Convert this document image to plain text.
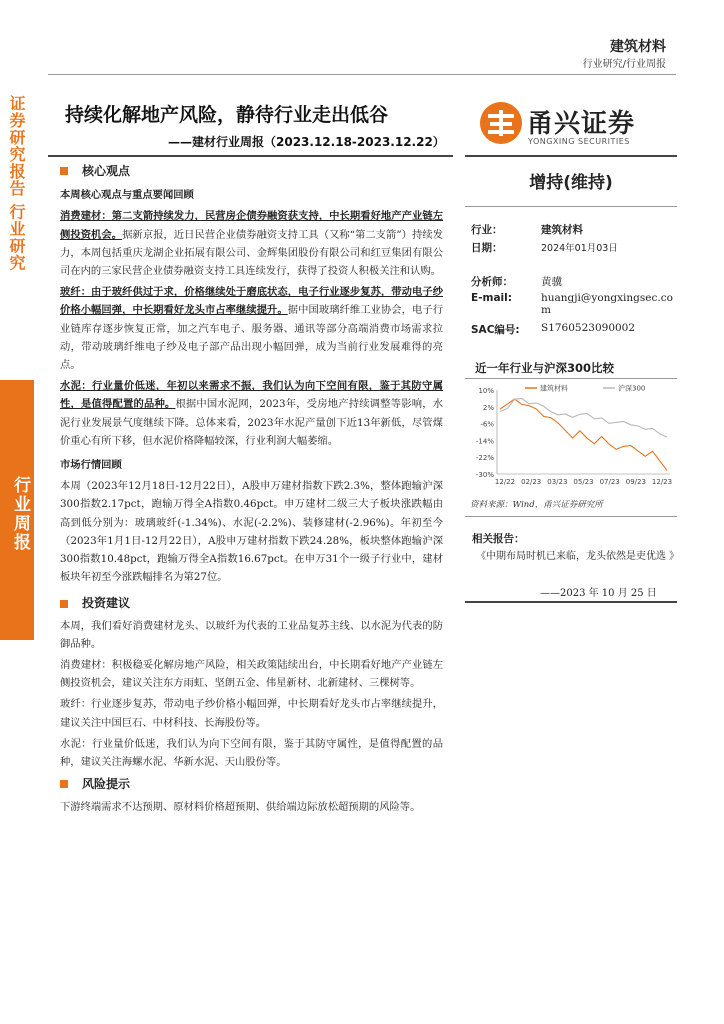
建筑材料
行业研究/行业周报
证券研究报告 行业研究
行业周报
持续化解地产风险，静待行业走出低谷
——建材行业周报（2023.12.18-2023.12.22）
甬兴证券
YONGXING SECURITIES
核心观点
本周核心观点与重点要闻回顾
消费建材：第二支箭持续发力，民营房企债券融资获支持，中长期看好地产产业链左侧投资机会。据新京报，近日民营企业债券融资支持工具（又称“第二支箭”）持续发力，本周包括重庆龙湖企业拓展有限公司、金辉集团股份有限公司和红豆集团有限公司在内的三家民营企业债券融资支持工具连续发行，获得了投资人积极关注和认购。
玻纤：由于玻纤供过于求，价格继续处于磨底状态，电子行业逐步复苏，带动电子纱价格小幅回弹，中长期看好龙头市占率继续提升。据中国玻璃纤维工业协会，电子行业链库存逐步恢复正常，加之汽车电子、服务器、通讯等部分高端消费市场需求拉动，带动玻璃纤维电子纱及电子部产品出现小幅回弹，成为当前行业发展难得的亮点。
水泥：行业量价低迷，年初以来需求不振，我们认为向下空间有限，鉴于其防守属性，是值得配置的品种。根据中国水泥网，2023年，受房地产持续调整等影响，水泥行业发展景气度继续下降。总体来看，2023年水泥产量创下近13年新低，尽管煤价重心有所下移，但水泥价格降幅较深，行业利润大幅萎缩。
市场行情回顾
本周（2023年12月18日-12月22日），A股申万建材指数下跌2.3%，整体跑输沪深300指数2.17pct，跑输万得全A指数0.46pct。申万建材二级三大子板块涨跌幅由高到低分别为：玻璃玻纤(-1.34%)、水泥(-2.2%)、装修建材(-2.96%)。年初至今（2023年1月1日-12月22日），A股申万建材指数下跌24.28%，板块整体跑输沪深300指数10.48pct，跑输万得全A指数16.67pct。在申万31个一级子行业中，建材板块年初至今涨跌幅排名为第27位。
投资建议
本周，我们看好消费建材龙头、以玻纤为代表的工业品复苏主线、以水泥为代表的防御品种。
消费建材：积极稳妥化解房地产风险，相关政策陆续出台，中长期看好地产产业链左侧投资机会，建议关注东方雨虹、坚朗五金、伟星新材、北新建材、三棵树等。
玻纤：行业逐步复苏，带动电子纱价格小幅回弹，中长期看好龙头市占率继续提升，建议关注中国巨石、中材科技、长海股份等。
水泥：行业量价低迷，我们认为向下空间有限，鉴于其防守属性，是值得配置的品种，建议关注海螺水泥、华新水泥、天山股份等。
风险提示
下游终端需求不达预期、原材料价格超预期、供给端边际放松超预期的风险等。
增持(维持)
行业：	建筑材料
日期：	2024年01月03日
分析师：	黄骥
E-mail:	huangji@yongxingsec.com
SAC编号: S1760523090002
近一年行业与沪深300比较
10%
2%
-6%
-14%
-22%
-30%
12/22 02/23 03/23 05/23 07/23 09/23 12/23
建筑材料	沪深300
资料来源：Wind，甬兴证券研究所
相关报告：
《中期布局时机已来临，龙头依然是吏优选 》
——2023 年 10 月 25 日
